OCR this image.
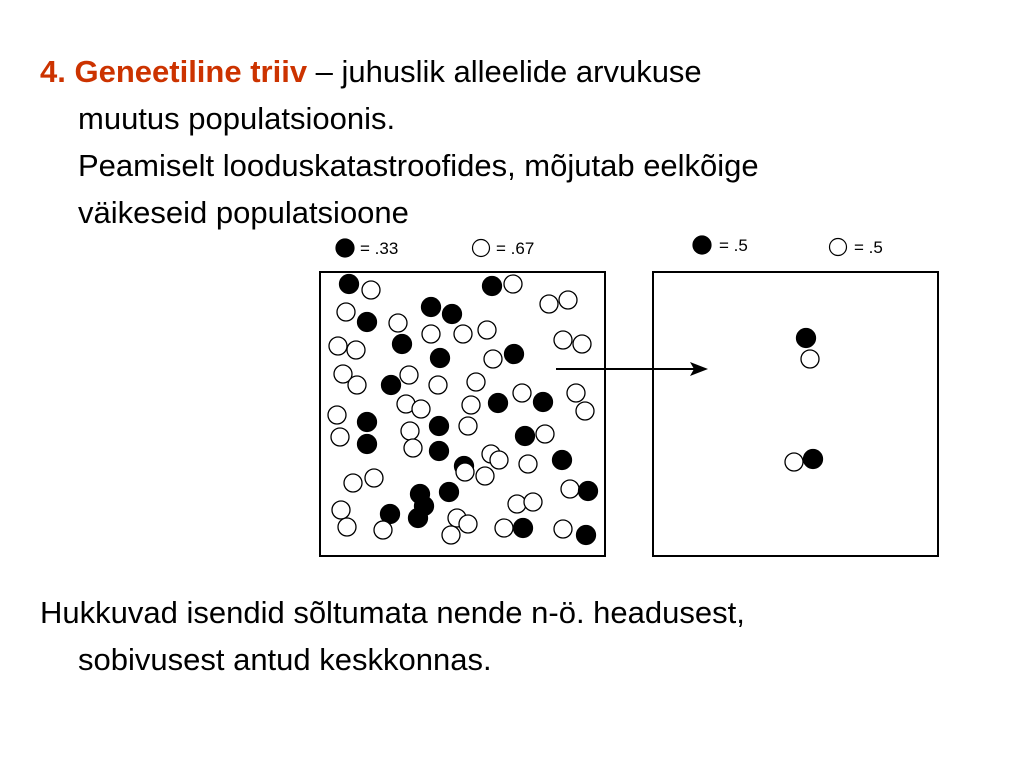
4. Geneetiline triiv – juhuslik alleelide arvukuse
muutus populatsioonis.
Peamiselt looduskatastroofides, mõjutab eelkõige
väikeseid populatsioone
= .33	= .67	= .5	= .5
Hukkuvad isendid sõltumata nende n-ö. headusest,
sobivusest antud keskkonnas.
